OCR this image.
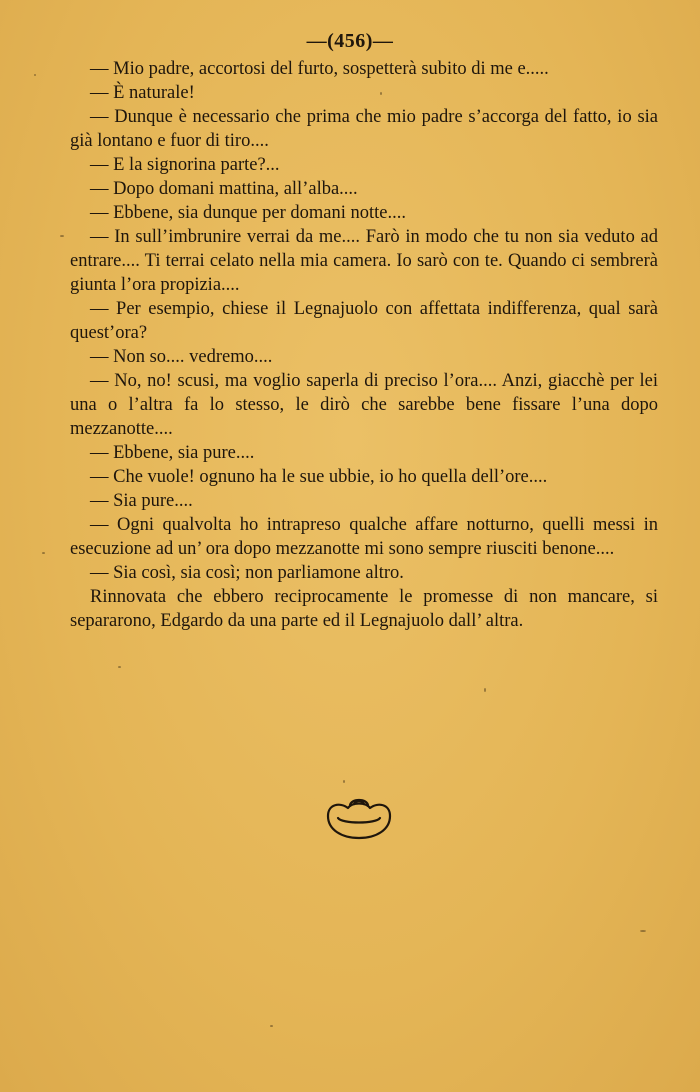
—(456)—

— Mio padre, accortosi del furto, sospetterà subito di me e.....

— È naturale!

— Dunque è necessario che prima che mio padre s’accorga del fatto, io sia già lontano e fuor di tiro....

— E la signorina parte?...

— Dopo domani mattina, all’alba....

— Ebbene, sia dunque per domani notte....

— In sull’imbrunire verrai da me.... Farò in modo che tu non sia veduto ad entrare.... Ti terrai celato nella mia camera. Io sarò con te. Quando ci sembrerà giunta l’ora propizia....

— Per esempio, chiese il Legnajuolo con affettata indifferenza, qual sarà quest’ora?

— Non so.... vedremo....

— No, no! scusi, ma voglio saperla di preciso l’ora.... Anzi, giacchè per lei una o l’altra fa lo stesso, le dirò che sarebbe bene fissare l’una dopo mezzanotte....

— Ebbene, sia pure....

— Che vuole! ognuno ha le sue ubbie, io ho quella dell’ore....

— Sia pure....

— Ogni qualvolta ho intrapreso qualche affare notturno, quelli messi in esecuzione ad un’ ora dopo mezzanotte mi sono sempre riusciti benone....

— Sia così, sia così; non parliamone altro.

Rinnovata che ebbero reciprocamente le promesse di non mancare, si separarono, Edgardo da una parte ed il Legnajuolo dall’ altra.
